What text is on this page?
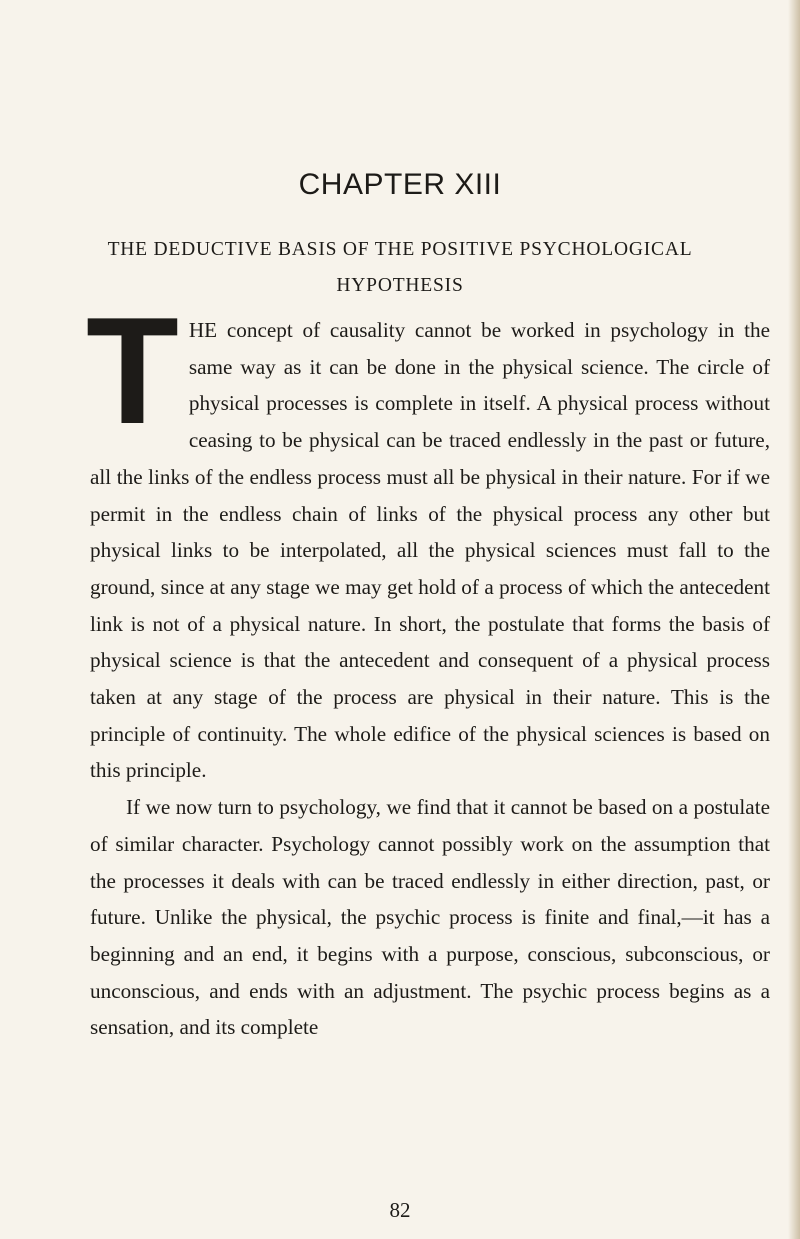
CHAPTER XIII
THE DEDUCTIVE BASIS OF THE POSITIVE PSYCHOLOGICAL
HYPOTHESIS

T HE concept of causality cannot be worked in psychology in the same way as it can be done in the physical science. The circle of physical processes is complete in itself. A physical process without ceasing to be physical can be traced endlessly in the past or future, all the links of the endless process must all be physical in their nature. For if we permit in the endless chain of links of the physical process any other but physical links to be interpolated, all the physical sciences must fall to the ground, since at any stage we may get hold of a process of which the antecedent link is not of a physical nature. In short, the postulate that forms the basis of physical science is that the antecedent and consequent of a physical process taken at any stage of the process are physical in their nature. This is the principle of continuity. The whole edifice of the physical sciences is based on this principle.

If we now turn to psychology, we find that it cannot be based on a postulate of similar character. Psychology cannot possibly work on the assumption that the processes it deals with can be traced endlessly in either direction, past, or future. Unlike the physical, the psychic process is finite and final,—it has a beginning and an end, it begins with a purpose, conscious, subconscious, or unconscious, and ends with an adjustment. The psychic process begins as a sensation, and its complete

82
